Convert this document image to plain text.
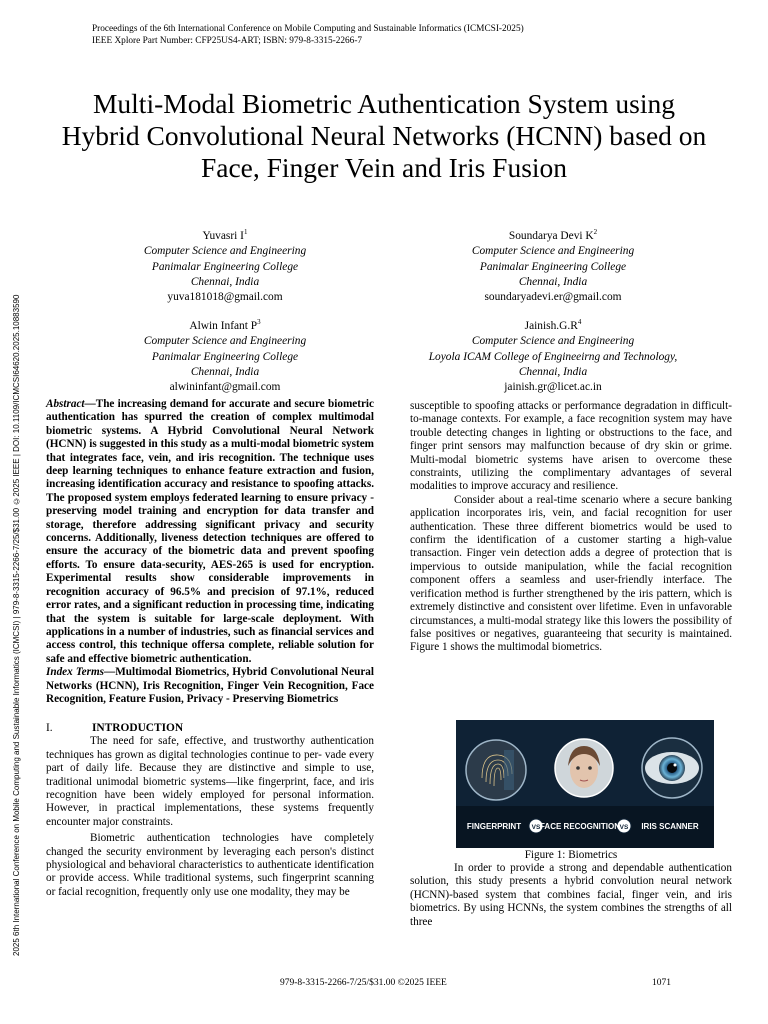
Proceedings of the 6th International Conference on Mobile Computing and Sustainable Informatics (ICMCSI-2025)
IEEE Xplore Part Number: CFP25US4-ART; ISBN: 979-8-3315-2266-7
2025 6th International Conference on Mobile Computing and Sustainable Informatics (ICMCSI) | 979-8-3315-2266-7/25/$31.00 ©2025 IEEE | DOI: 10.1109/ICMCSI64620.2025.10883590
Multi-Modal Biometric Authentication System using Hybrid Convolutional Neural Networks (HCNN) based on Face, Finger Vein and Iris Fusion
Yuvasri $I^1$
Computer Science and Engineering
Panimalar Engineering College
Chennai, India
yuva181018@gmail.com
Soundarya Devi $K^2$
Computer Science and Engineering
Panimalar Engineering College
Chennai, India
soundaryadevi.er@gmail.com
Alwin Infant $P^3$
Computer Science and Engineering
Panimalar Engineering College
Chennai, India
alwininfant@gmail.com
$Jainish.G.R^4$
Computer Science and Engineering
Loyola ICAM College of Engineeirng and Technology,
Chennai, India
jainish.gr@licet.ac.in

Abstract—The increasing demand for accurate and secure biometric authentication has spurred the creation of complex multimodal biometric systems. A Hybrid Convolutional Neural Network (HCNN) is suggested in this study as a multi-modal biometric system that integrates face, vein, and iris recognition. The technique uses deep learning techniques to enhance feature extraction and fusion, increasing identification accuracy and resistance to spoofing attacks. The proposed system employs federated learning to ensure privacy - preserving model training and encryption for data transfer and storage, therefore addressing significant privacy and security concerns. Additionally, liveness detection techniques are offered to ensure the accuracy of the biometric data and prevent spoofing efforts. To ensure data-security, AES-265 is used for encryption. Experimental results show considerable improvements in recognition accuracy of 96.5% and precision of 97.1%, reduced error rates, and a significant reduction in processing time, indicating that the system is suitable for large-scale deployment. With applications in a number of industries, such as financial services and access control, this technique offersa complete, reliable solution for safe and effective biometric authentication.

Index Terms—Multimodal Biometrics, Hybrid Convolutional Neural Networks (HCNN), Iris Recognition, Finger Vein Recognition, Face Recognition, Feature Fusion, Privacy - Preserving Biometrics

I.	INTRODUCTION

The need for safe, effective, and trustworthy authentication techniques has grown as digital technologies continue to per- vade every part of daily life. Because they are distinctive and simple to use, traditional unimodal biometric systems—like fingerprint, face, and iris recognition have been widely employed for personal information. However, in practical implementations, these systems frequently encounter major constraints.

Biometric authentication technologies have completely changed the security environment by leveraging each person's distinct physiological and behavioral characteristics to authenticate identification or provide access. While traditional systems, such fingerprint scanning or facial recognition, frequently only use one modality, they may be

susceptible to spoofing attacks or performance degradation in difficult-to-manage contexts. For example, a face recognition system may have trouble detecting changes in lighting or obstructions to the face, and finger print sensors may malfunction because of dry skin or grime. Multi-modal biometric systems have arisen to overcome these constraints, utilizing the complimentary advantages of several modalities to improve accuracy and resilience.

Consider about a real-time scenario where a secure banking application incorporates iris, vein, and facial recognition for user authentication. These three different biometrics would be used to confirm the identification of a customer starting a high-value transaction. Finger vein detection adds a degree of protection that is impervious to outside manipulation, while the facial recognition component offers a seamless and user-friendly interface. The verification method is further strengthened by the iris pattern, which is extremely distinctive and consistent over lifetime. Even in unfavorable circumstances, a multi-modal strategy like this lowers the possibility of false positives or negatives, guaranteeing that security is maintained. Figure 1 shows the multimodal biometrics.

VS	VS
FINGERPRINT FACE RECOGNITION	IRIS SCANNER
Figure 1: Biometrics

In order to provide a strong and dependable authentication solution, this study presents a hybrid convolution neural network (HCNN)-based system that combines facial, finger vein, and iris biometrics. By using HCNNs, the system combines the strengths of all three

979-8-3315-2266-7/25/$31.00 ©2025 IEEE	1071
